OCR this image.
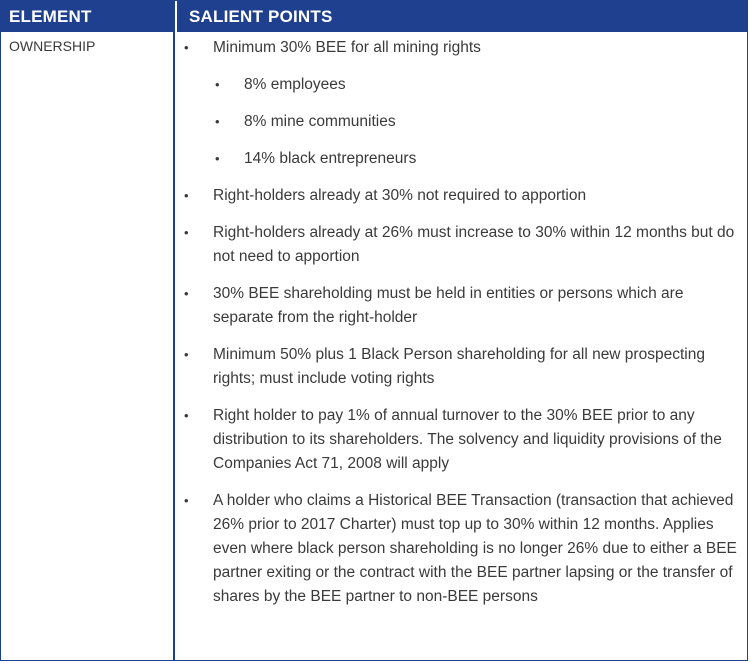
ELEMENT	SALIENT POINTS
OWNERSHIP	• Minimum 30% BEE for all mining rights
• 8% employees
• 8% mine communities
• 14% black entrepreneurs
• Right-holders already at 30% not required to apportion
• Right-holders already at 26% must increase to 30% within 12 months but do not need to apportion
• 30% BEE shareholding must be held in entities or persons which are separate from the right-holder
• Minimum 50% plus 1 Black Person shareholding for all new prospecting rights; must include voting rights
• Right holder to pay 1% of annual turnover to the 30% BEE prior to any distribution to its shareholders. The solvency and liquidity provisions of the Companies Act 71, 2008 will apply
• A holder who claims a Historical BEE Transaction (transaction that achieved 26% prior to 2017 Charter) must top up to 30% within 12 months. Applies even where black person shareholding is no longer 26% due to either a BEE partner exiting or the contract with the BEE partner lapsing or the transfer of shares by the BEE partner to non-BEE persons
